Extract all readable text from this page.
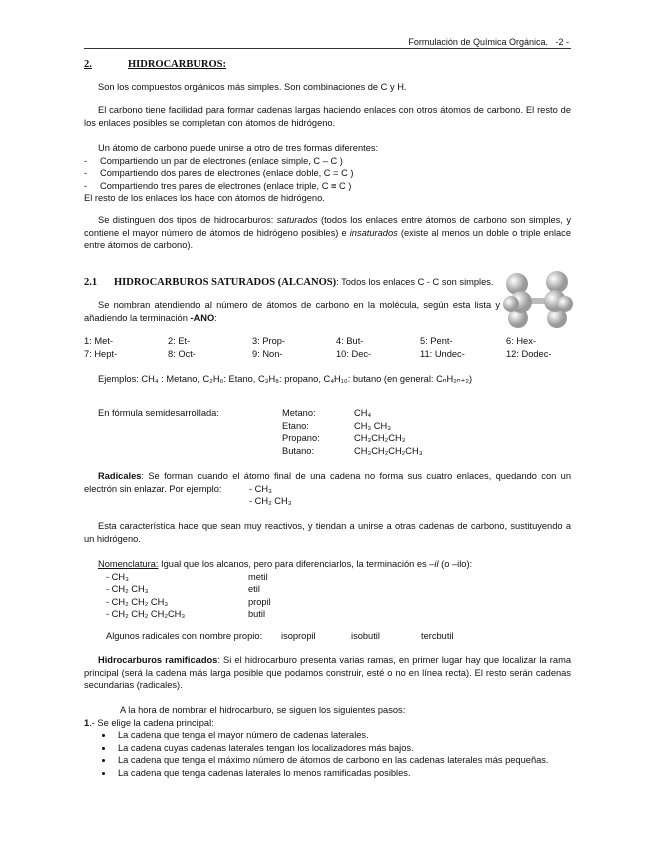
Formulación de Química Orgánica. -2 -
2.	HIDROCARBUROS:

Son los compuestos orgánicos más simples. Son combinaciones de C y H.

El carbono tiene facilidad para formar cadenas largas haciendo enlaces con otros átomos de carbono. El resto de los enlaces posibles se completan con átomos de hidrógeno.

Un átomo de carbono puede unirse a otro de tres formas diferentes:
- Compartiendo un par de electrones (enlace simple, C – C )
- Compartiendo dos pares de electrones (enlace doble, C = C )
- Compartiendo tres pares de electrones (enlace triple, C ≡ C )
El resto de los enlaces los hace con átomos de hidrógeno.

Se distinguen dos tipos de hidrocarburos: saturados (todos los enlaces entre átomos de carbono son simples, y contiene el mayor número de átomos de hidrógeno posibles) e insaturados (existe al menos un doble o triple enlace entre átomos de carbono).

2.1 HIDROCARBUROS SATURADOS (ALCANOS): Todos los enlaces C - C son simples.

Se nombran atendiendo al número de átomos de carbono en la molécula, según esta lista y añadiendo la terminación -ANO:

1: Met-	2: Et-	3: Prop-	4: But-	5: Pent-	6: Hex-
7: Hept-	8: Oct-	9: Non-	10: Dec-	11: Undec-	12: Dodec-

Ejemplos: CH₄ : Metano, C₂H₆: Etano, C₃H₈: propano, C₄H₁₀: butano (en general: CₙH₂ₙ₊₂)

En fórmula semidesarrollada:	Metano:	CH₄
Etano:	CH₃ CH₃
Propano:	CH₃CH₂CH₃
Butano:	CH₃CH₂CH₂CH₃

Radicales: Se forman cuando el átomo final de una cadena no forma sus cuatro enlaces, quedando con un electrón sin enlazar. Por ejemplo:	- CH₃
- CH₂ CH₃

Esta característica hace que sean muy reactivos, y tiendan a unirse a otras cadenas de carbono, sustituyendo a un hidrógeno.

Nomenclatura: Igual que los alcanos, pero para diferenciarlos, la terminación es –il (o –ilo):
- CH₃	metil
- CH₂ CH₃	etil
- CH₂ CH₂ CH₃	propil
- CH₂ CH₂ CH₂CH₃	butil
Algunos radicales con nombre propio: isopropil	isobutil	tercbutil

Hidrocarburos ramificados: Si el hidrocarburo presenta varias ramas, en primer lugar hay que localizar la rama principal (será la cadena más larga posible que podamos construir, esté o no en línea recta). El resto serán cadenas secundarias (radicales).

A la hora de nombrar el hidrocarburo, se siguen los siguientes pasos:
1.- Se elige la cadena principal:
• La cadena que tenga el mayor número de cadenas laterales.
• La cadena cuyas cadenas laterales tengan los localizadores más bajos.
• La cadena que tenga el máximo número de átomos de carbono en las cadenas laterales más pequeñas.
• La cadena que tenga cadenas laterales lo menos ramificadas posibles.
